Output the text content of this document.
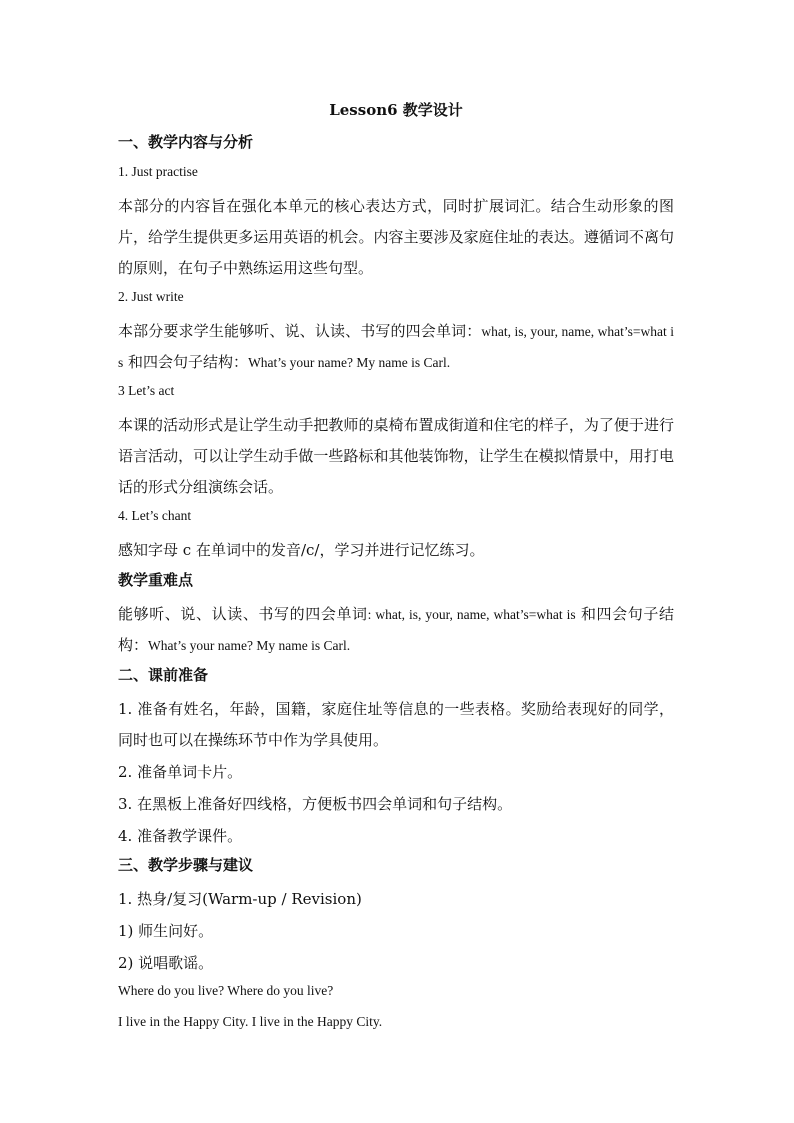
Lesson6 教学设计
一、教学内容与分析
1. Just practise
本部分的内容旨在强化本单元的核心表达方式，同时扩展词汇。结合生动形象的图片，给学生提供更多运用英语的机会。内容主要涉及家庭住址的表达。遵循词不离句的原则，在句子中熟练运用这些句型。
2. Just write
本部分要求学生能够听、说、认读、书写的四会单词：what, is, your, name, what’s=what is 和四会句子结构：What’s your name? My name is Carl.
3 Let’s act
本课的活动形式是让学生动手把教师的桌椅布置成街道和住宅的样子，为了便于进行语言活动，可以让学生动手做一些路标和其他装饰物，让学生在模拟情景中，用打电话的形式分组演练会话。
4. Let’s chant
感知字母 c 在单词中的发音/c/，学习并进行记忆练习。
教学重难点
能够听、说、认读、书写的四会单词: what, is, your, name, what’s=what is 和四会句子结构：What’s your name? My name is Carl.
二、课前准备
1. 准备有姓名，年龄，国籍，家庭住址等信息的一些表格。奖励给表现好的同学，同时也可以在操练环节中作为学具使用。
2. 准备单词卡片。
3. 在黑板上准备好四线格，方便板书四会单词和句子结构。
4. 准备教学课件。
三、教学步骤与建议
1. 热身/复习(Warm-up / Revision)
1) 师生问好。
2) 说唱歌谣。
Where do you live? Where do you live?
I live in the Happy City. I live in the Happy City.
